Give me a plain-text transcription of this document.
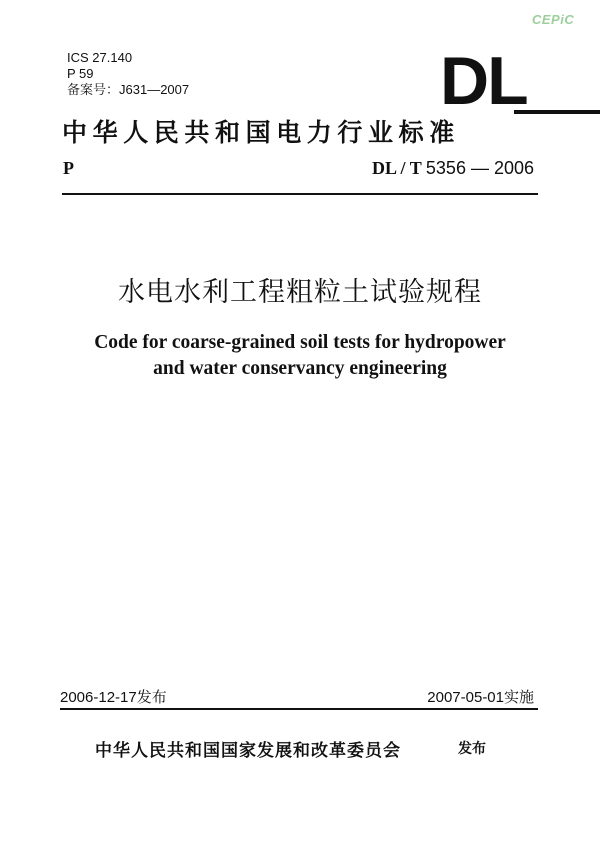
CEPiC
ICS 27.140
P 59
备案号：J631—2007	DL
中华人民共和国电力行业标准
P	DL / T 5356 — 2006
水电水利工程粗粒土试验规程
Code for coarse-grained soil tests for hydropower
and water conservancy engineering
2006-12-17发布	2007-05-01实施
中华人民共和国国家发展和改革委员会	发布
